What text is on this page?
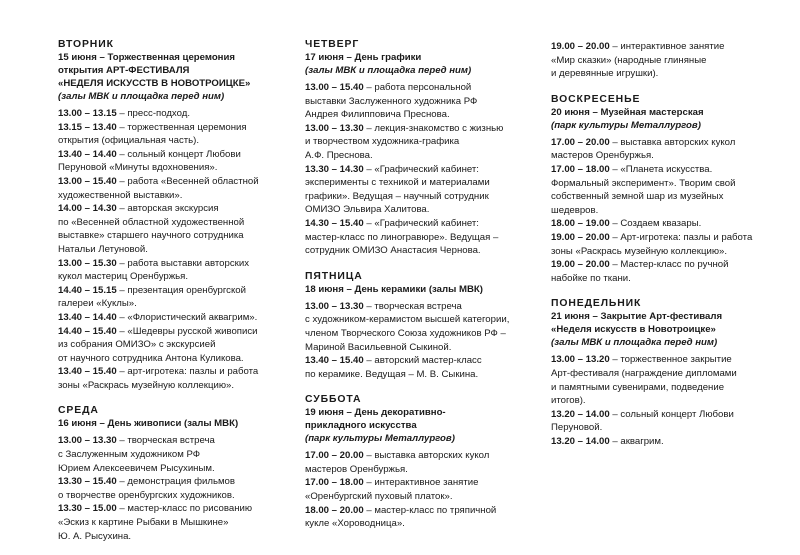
ВТОРНИК
15 июня – Торжественная церемония
открытия АРТ-ФЕСТИВАЛЯ
«НЕДЕЛЯ ИСКУССТВ В НОВОТРОИЦКЕ»
(залы МВК и площадка перед ним)
13.00 – 13.15 – пресс-подход.
13.15 – 13.40 – торжественная церемония
открытия (официальная часть).
13.40 – 14.40 – сольный концерт Любови
Перуновой «Минуты вдохновения».
13.00 – 15.40 – работа «Весенней областной
художественной выставки».
14.00 – 14.30 – авторская экскурсия
по «Весенней областной художественной
выставке» старшего научного сотрудника
Натальи Летуновой.
13.00 – 15.30 – работа выставки авторских
кукол мастериц Оренбуржья.
14.40 – 15.15 – презентация оренбургской
галереи «Куклы».
13.40 – 14.40 – «Флористический аквагрим».
14.40 – 15.40 – «Шедевры русской живописи
из собрания ОМИЗО» с экскурсией
от научного сотрудника Антона Куликова.
13.40 – 15.40 – арт-игротека: пазлы и работа
зоны «Раскрась музейную коллекцию».
СРЕДА
16 июня – День живописи (залы МВК)
13.00 – 13.30 – творческая встреча
с Заслуженным художником РФ
Юрием Алексеевичем Рысухиным.
13.30 – 15.40 – демонстрация фильмов
о творчестве оренбургских художников.
13.30 – 15.00 – мастер-класс по рисованию
«Эскиз к картине Рыбаки в Мышкине»
Ю. А. Рысухина.
ЧЕТВЕРГ
17 июня – День графики
(залы МВК и площадка перед ним)
13.00 – 15.40 – работа персональной
выставки Заслуженного художника РФ
Андрея Филипповича Преснова.
13.00 – 13.30 – лекция-знакомство с жизнью
и творчеством художника-графика
А.Ф. Преснова.
13.30 – 14.30 – «Графический кабинет:
эксперименты с техникой и материалами
графики». Ведущая – научный сотрудник
ОМИЗО Эльвира Халитова.
14.30 – 15.40 – «Графический кабинет:
мастер-класс по линогравюре». Ведущая –
сотрудник ОМИЗО Анастасия Чернова.
ПЯТНИЦА
18 июня – День керамики (залы МВК)
13.00 – 13.30 – творческая встреча
с художником-керамистом высшей категории,
членом Творческого Союза художников РФ –
Мариной Васильевной Сыкиной.
13.40 – 15.40 – авторский мастер-класс
по керамике. Ведущая – М. В. Сыкина.
СУББОТА
19 июня – День декоративно-
прикладного искусства
(парк культуры Металлургов)
17.00 – 20.00 – выставка авторских кукол
мастеров Оренбуржья.
17.00 – 18.00 – интерактивное занятие
«Оренбургский пуховый платок».
18.00 – 20.00 – мастер-класс по тряпичной
кукле «Хороводница».
19.00 – 20.00 – интерактивное занятие
«Мир сказки» (народные глиняные
и деревянные игрушки).
ВОСКРЕСЕНЬЕ
20 июня – Музейная мастерская
(парк культуры Металлургов)
17.00 – 20.00 – выставка авторских кукол
мастеров Оренбуржья.
17.00 – 18.00 – «Планета искусства.
Формальный эксперимент». Творим свой
собственный земной шар из музейных
шедевров.
18.00 – 19.00 – Создаем квазары.
19.00 – 20.00 – Арт-игротека: пазлы и работа
зоны «Раскрась музейную коллекцию».
19.00 – 20.00 – Мастер-класс по ручной
набойке по ткани.
ПОНЕДЕЛЬНИК
21 июня – Закрытие Арт-фестиваля
«Неделя искусств в Новотроицке»
(залы МВК и площадка перед ним)
13.00 – 13.20 – торжественное закрытие
Арт-фестиваля (награждение дипломами
и памятными сувенирами, подведение итогов).
13.20 – 14.00 – сольный концерт Любови
Перуновой.
13.20 – 14.00 – аквагрим.
